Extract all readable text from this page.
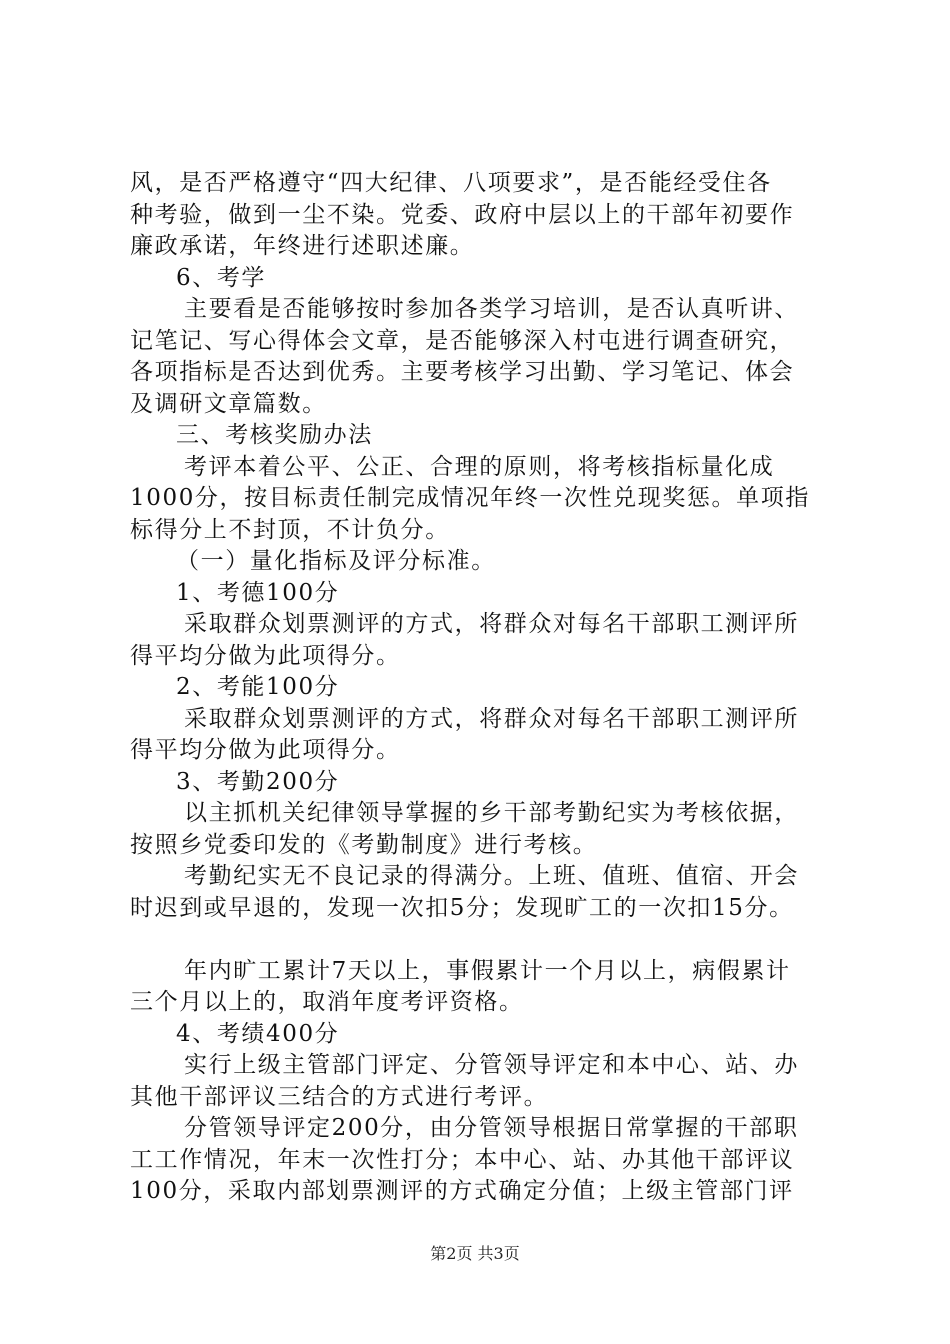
风，是否严格遵守“四大纪律、八项要求”，是否能经受住各
种考验，做到一尘不染。党委、政府中层以上的干部年初要作
廉政承诺，年终进行述职述廉。
6、考学
主要看是否能够按时参加各类学习培训，是否认真听讲、
记笔记、写心得体会文章，是否能够深入村屯进行调查研究，
各项指标是否达到优秀。主要考核学习出勤、学习笔记、体会
及调研文章篇数。
三、考核奖励办法
考评本着公平、公正、合理的原则，将考核指标量化成
1000分，按目标责任制完成情况年终一次性兑现奖惩。单项指
标得分上不封顶，不计负分。
（一）量化指标及评分标准。
1、考德100分
采取群众划票测评的方式，将群众对每名干部职工测评所
得平均分做为此项得分。
2、考能100分
采取群众划票测评的方式，将群众对每名干部职工测评所
得平均分做为此项得分。
3、考勤200分
以主抓机关纪律领导掌握的乡干部考勤纪实为考核依据，
按照乡党委印发的《考勤制度》进行考核。
考勤纪实无不良记录的得满分。上班、值班、值宿、开会
时迟到或早退的，发现一次扣5分；发现旷工的一次扣15分。
年内旷工累计7天以上，事假累计一个月以上，病假累计
三个月以上的，取消年度考评资格。
4、考绩400分
实行上级主管部门评定、分管领导评定和本中心、站、办
其他干部评议三结合的方式进行考评。
分管领导评定200分，由分管领导根据日常掌握的干部职
工工作情况，年末一次性打分；本中心、站、办其他干部评议
100分，采取内部划票测评的方式确定分值；上级主管部门评
第2页 共3页
